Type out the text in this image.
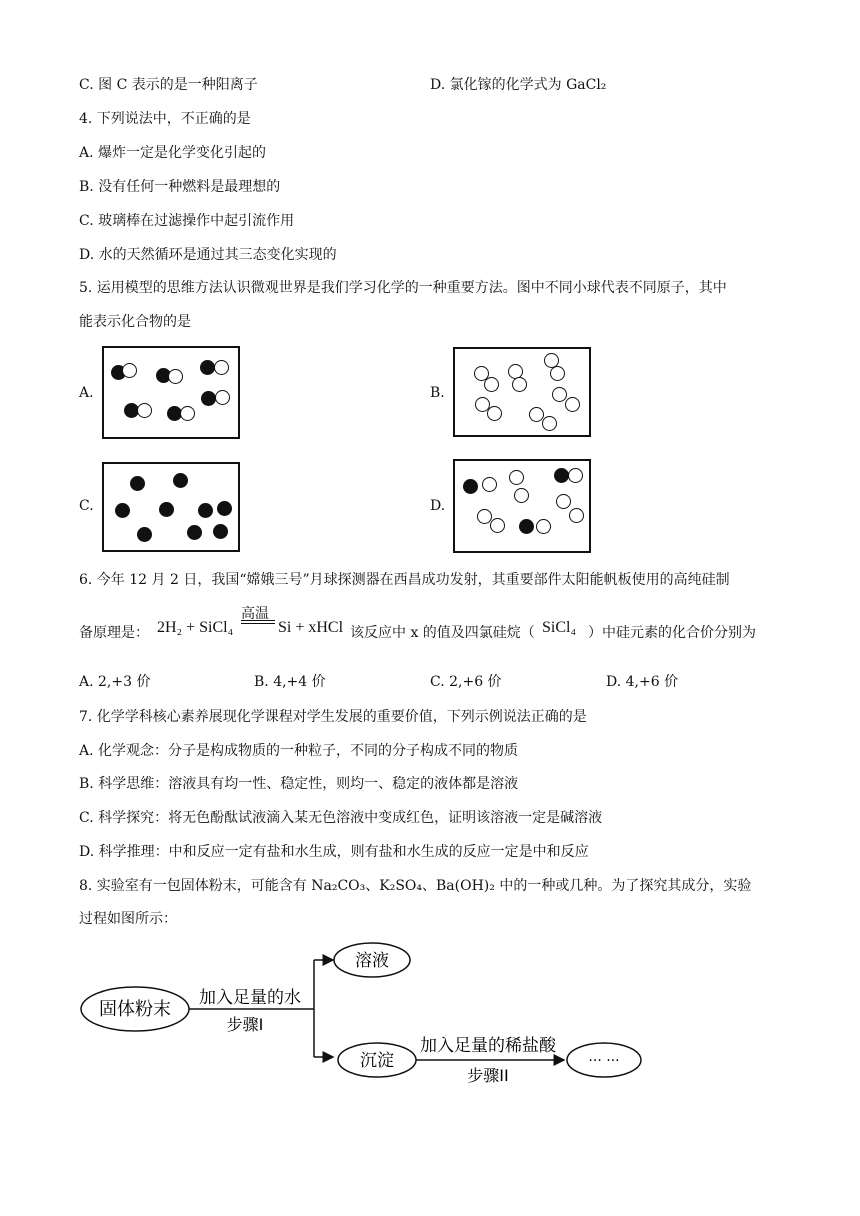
C. 图 C 表示的是一种阳离子	D. 氯化镓的化学式为 GaCl₂
4. 下列说法中，不正确的是
A. 爆炸一定是化学变化引起的
B. 没有任何一种燃料是最理想的
C. 玻璃棒在过滤操作中起引流作用
D. 水的天然循环是通过其三态变化实现的
5. 运用模型的思维方法认识微观世界是我们学习化学的一种重要方法。图中不同小球代表不同原子，其中
能表示化合物的是
A.	B.
C.	D.
6. 今年 12 月 2 日，我国“嫦娥三号”月球探测器在西昌成功发射，其重要部件太阳能帆板使用的高纯硅制
备原理是： 2H₂ + SiCl₄
高温
Si + xHCl 该反应中 x 的值及四氯硅烷（ SiCl₄ ）中硅元素的化合价分别为
A. 2,+3 价	B. 4,+4 价	C. 2,+6 价	D. 4,+6 价
7. 化学学科核心素养展现化学课程对学生发展的重要价值，下列示例说法正确的是
A. 化学观念：分子是构成物质的一种粒子，不同的分子构成不同的物质
B. 科学思维：溶液具有均一性、稳定性，则均一、稳定的液体都是溶液
C. 科学探究：将无色酚酞试液滴入某无色溶液中变成红色，证明该溶液一定是碱溶液
D. 科学推理：中和反应一定有盐和水生成，则有盐和水生成的反应一定是中和反应
8. 实验室有一包固体粉末，可能含有 Na₂CO₃、K₂SO₄、Ba(OH)₂ 中的一种或几种。为了探究其成分，实验
过程如图所示：
固体粉末
加入足量的水
步骤I
溶液
沉淀
加入足量的稀盐酸
步骤II
··· ···
